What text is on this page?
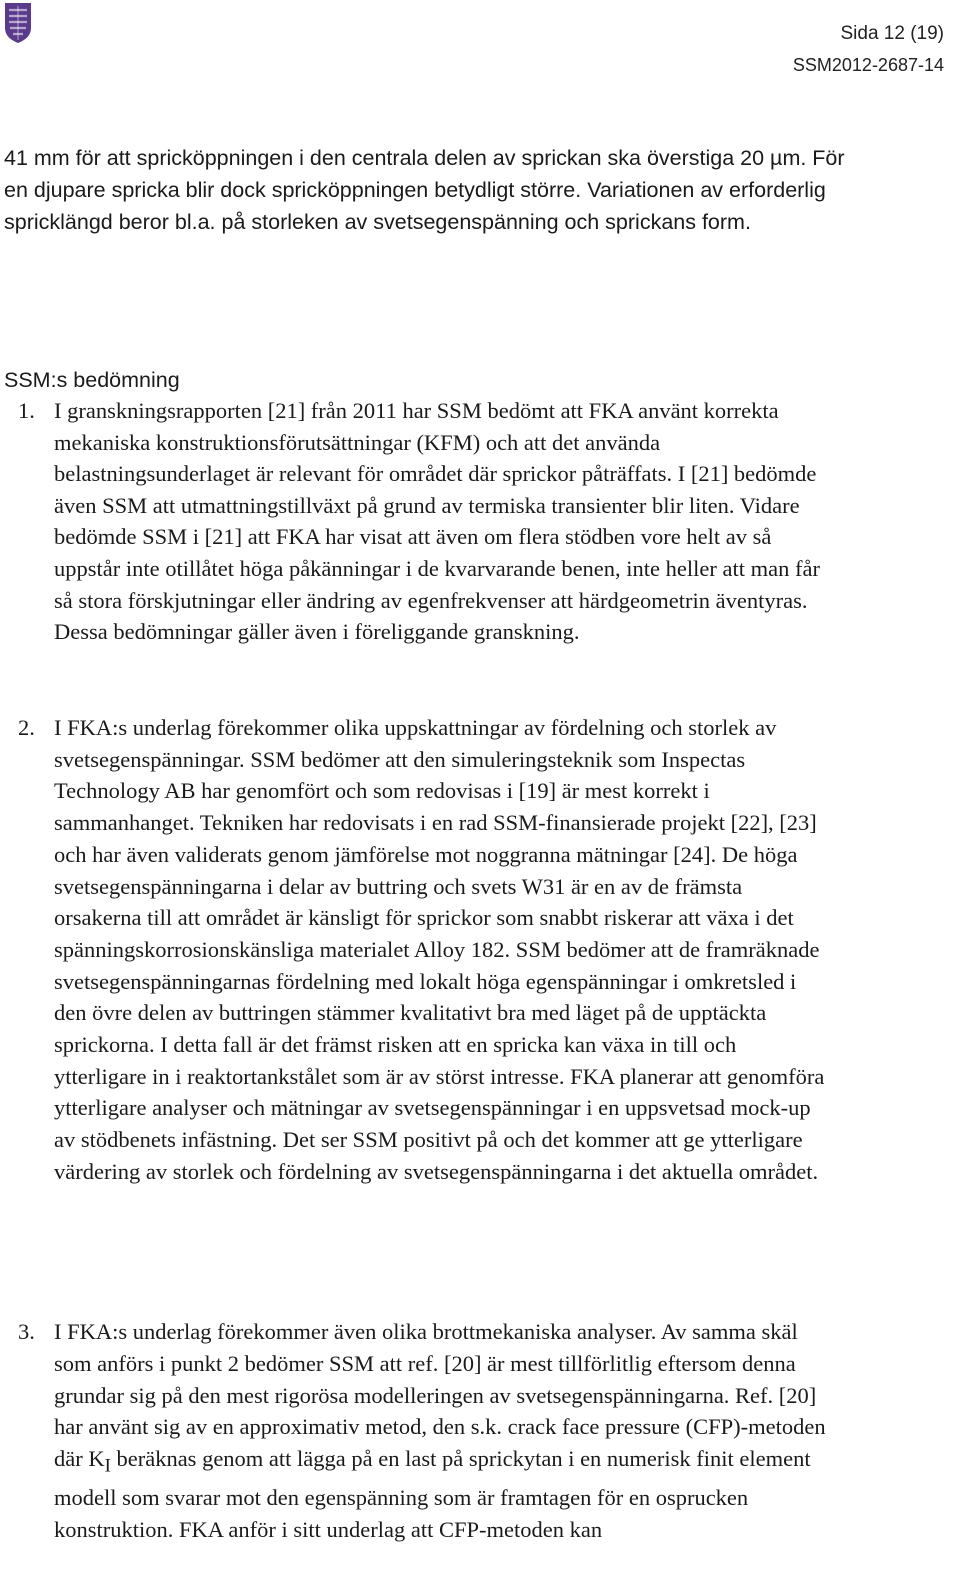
Sida 12 (19)
SSM2012-2687-14

41 mm för att spricköppningen i den centrala delen av sprickan ska överstiga 20 µm. För en djupare spricka blir dock spricköppningen betydligt större. Variationen av erforderlig spricklängd beror bl.a. på storleken av svetsegenspänning och sprickans form.

SSM:s bedömning

1. I granskningsrapporten [21] från 2011 har SSM bedömt att FKA använt korrekta mekaniska konstruktionsförutsättningar (KFM) och att det använda belastningsunderlaget är relevant för området där sprickor påträffats. I [21] bedömde även SSM att utmattningstillväxt på grund av termiska transienter blir liten. Vidare bedömde SSM i [21] att FKA har visat att även om flera stödben vore helt av så uppstår inte otillåtet höga påkänningar i de kvarvarande benen, inte heller att man får så stora förskjutningar eller ändring av egenfrekvenser att härdgeometrin äventyras. Dessa bedömningar gäller även i föreliggande granskning.
2. I FKA:s underlag förekommer olika uppskattningar av fördelning och storlek av svetsegenspänningar. SSM bedömer att den simuleringsteknik som Inspectas Technology AB har genomfört och som redovisas i [19] är mest korrekt i sammanhanget. Tekniken har redovisats i en rad SSM-finansierade projekt [22], [23] och har även validerats genom jämförelse mot noggranna mätningar [24]. De höga svetsegenspänningarna i delar av buttring och svets W31 är en av de främsta orsakerna till att området är känsligt för sprickor som snabbt riskerar att växa i det spänningskorrosionskänsliga materialet Alloy 182. SSM bedömer att de framräknade svetsegenspänningarnas fördelning med lokalt höga egenspänningar i omkretsled i den övre delen av buttringen stämmer kvalitativt bra med läget på de upptäckta sprickorna. I detta fall är det främst risken att en spricka kan växa in till och ytterligare in i reaktortankstålet som är av störst intresse. FKA planerar att genomföra ytterligare analyser och mätningar av svetsegenspänningar i en uppsvetsad mock-up av stödbenets infästning. Det ser SSM positivt på och det kommer att ge ytterligare värdering av storlek och fördelning av svetsegenspänningarna i det aktuella området.
3. I FKA:s underlag förekommer även olika brottmekaniska analyser. Av samma skäl som anförs i punkt 2 bedömer SSM att ref. [20] är mest tillförlitlig eftersom denna grundar sig på den mest rigorösa modelleringen av svetsegenspänningarna. Ref. [20] har använt sig av en approximativ metod, den s.k. crack face pressure (CFP)-metoden där $K_I$ beräknas genom att lägga på en last på sprickytan i en numerisk finit element modell som svarar mot den egenspänning som är framtagen för en osprucken konstruktion. FKA anför i sitt underlag att CFP-metoden kan
